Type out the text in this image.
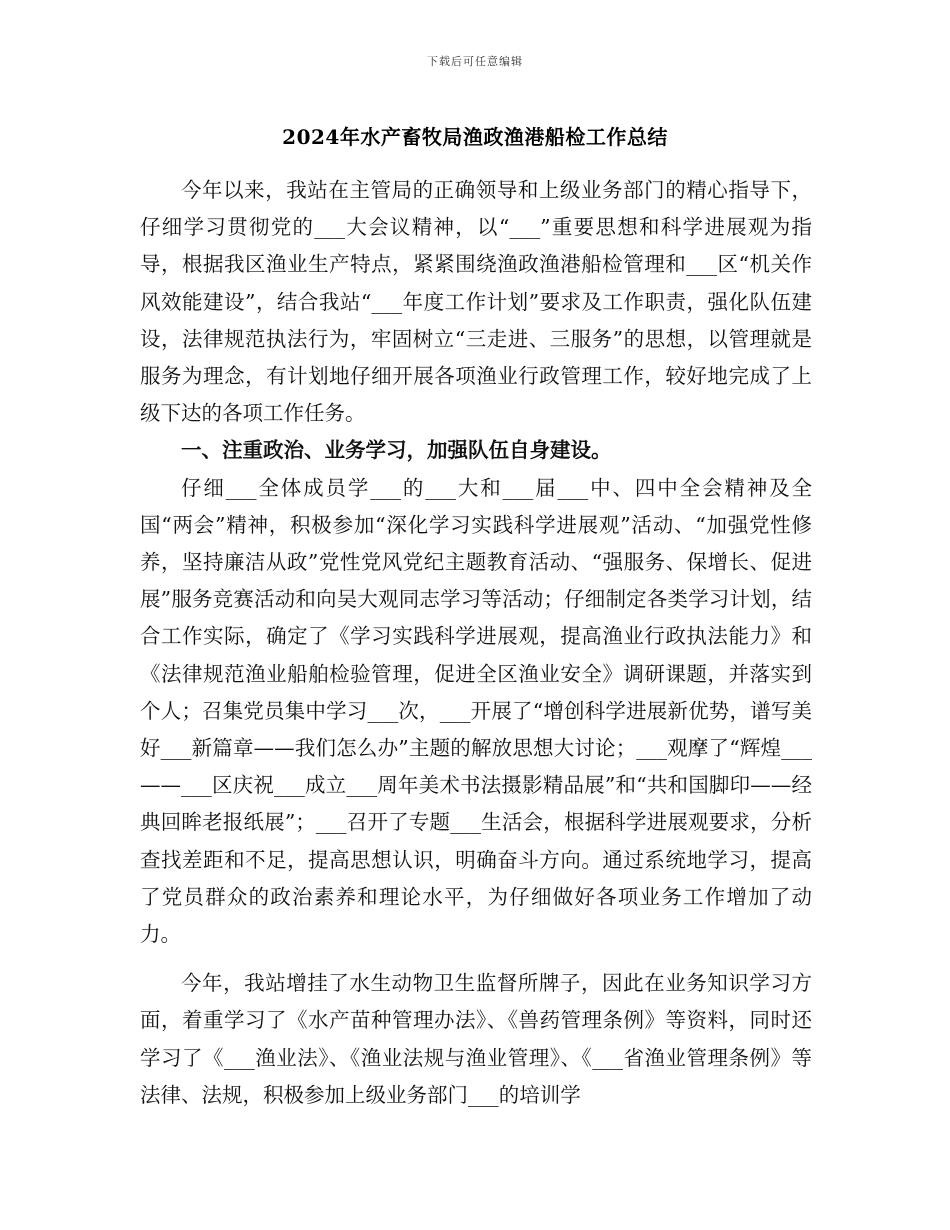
下载后可任意编辑
2024年水产畜牧局渔政渔港船检工作总结

今年以来，我站在主管局的正确领导和上级业务部门的精心指导下，仔细学习贯彻党的___大会议精神，以“___”重要思想和科学进展观为指导，根据我区渔业生产特点，紧紧围绕渔政渔港船检管理和___区“机关作风效能建设”，结合我站“___年度工作计划”要求及工作职责，强化队伍建设，法律规范执法行为，牢固树立“三走进、三服务”的思想，以管理就是服务为理念，有计划地仔细开展各项渔业行政管理工作，较好地完成了上级下达的各项工作任务。

一、注重政治、业务学习，加强队伍自身建设。

仔细___全体成员学___的___大和___届___中、四中全会精神及全国“两会”精神，积极参加“深化学习实践科学进展观”活动、“加强党性修养，坚持廉洁从政”党性党风党纪主题教育活动、“强服务、保增长、促进展”服务竞赛活动和向吴大观同志学习等活动；仔细制定各类学习计划，结合工作实际，确定了《学习实践科学进展观，提高渔业行政执法能力》和《法律规范渔业船舶检验管理，促进全区渔业安全》调研课题，并落实到个人；召集党员集中学习___次，___开展了“增创科学进展新优势，谱写美好___新篇章——我们怎么办”主题的解放思想大讨论；___观摩了“辉煌___——___区庆祝___成立___周年美术书法摄影精品展”和“共和国脚印——经典回眸老报纸展”；___召开了专题___生活会，根据科学进展观要求，分析查找差距和不足，提高思想认识，明确奋斗方向。通过系统地学习，提高了党员群众的政治素养和理论水平，为仔细做好各项业务工作增加了动力。

今年，我站增挂了水生动物卫生监督所牌子，因此在业务知识学习方面，着重学习了《水产苗种管理办法》、《兽药管理条例》等资料，同时还学习了《___渔业法》、《渔业法规与渔业管理》、《___省渔业管理条例》等法律、法规，积极参加上级业务部门___的培训学
